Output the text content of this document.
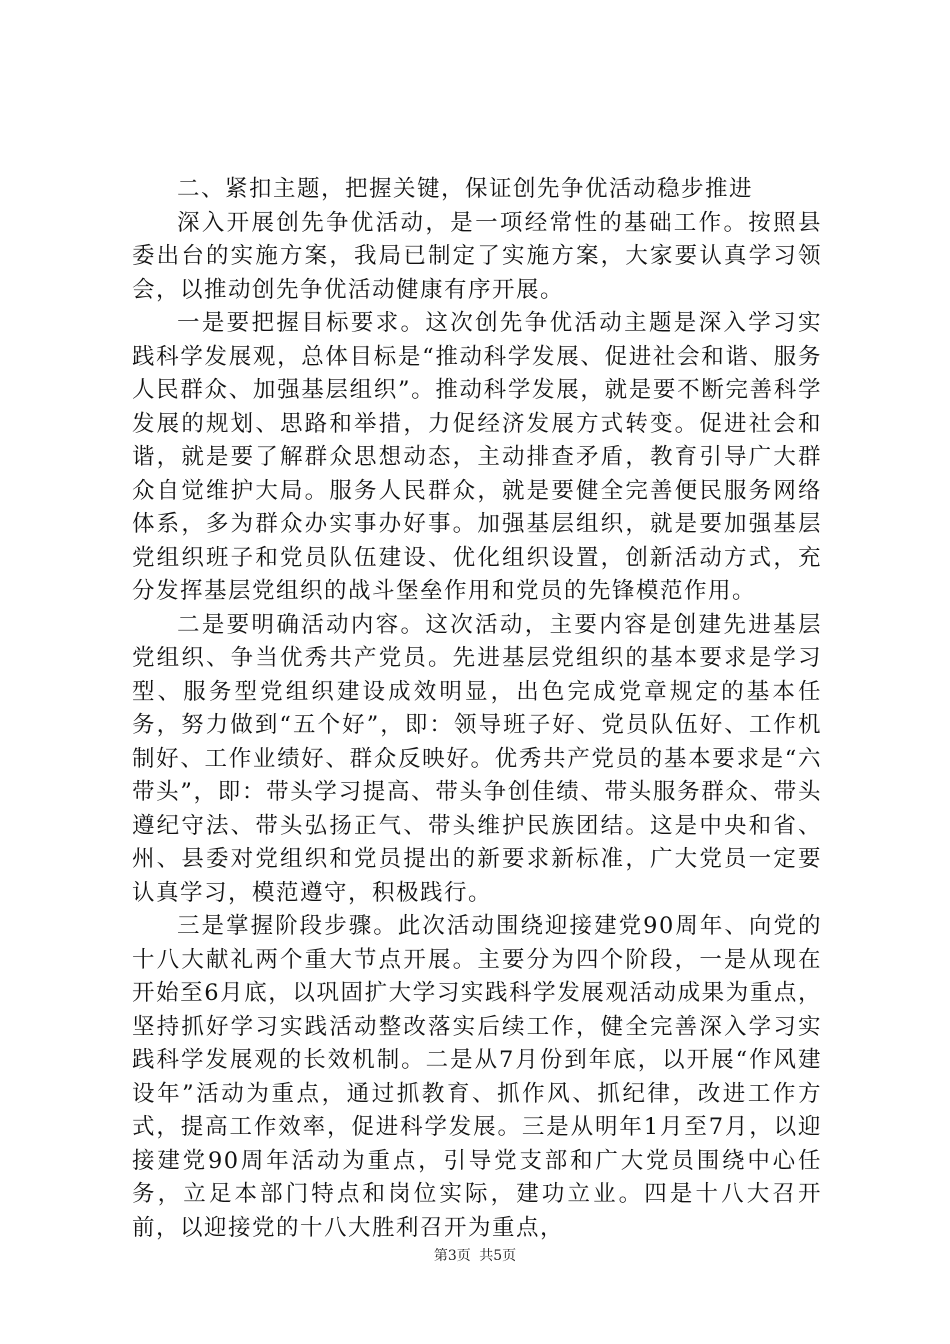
二、紧扣主题，把握关键，保证创先争优活动稳步推进

深入开展创先争优活动，是一项经常性的基础工作。按照县委出台的实施方案，我局已制定了实施方案，大家要认真学习领会，以推动创先争优活动健康有序开展。

一是要把握目标要求。这次创先争优活动主题是深入学习实践科学发展观，总体目标是“推动科学发展、促进社会和谐、服务人民群众、加强基层组织”。推动科学发展，就是要不断完善科学发展的规划、思路和举措，力促经济发展方式转变。促进社会和谐，就是要了解群众思想动态，主动排查矛盾，教育引导广大群众自觉维护大局。服务人民群众，就是要健全完善便民服务网络体系，多为群众办实事办好事。加强基层组织，就是要加强基层党组织班子和党员队伍建设、优化组织设置，创新活动方式，充分发挥基层党组织的战斗堡垒作用和党员的先锋模范作用。

二是要明确活动内容。这次活动，主要内容是创建先进基层党组织、争当优秀共产党员。先进基层党组织的基本要求是学习型、服务型党组织建设成效明显，出色完成党章规定的基本任务，努力做到“五个好”，即：领导班子好、党员队伍好、工作机制好、工作业绩好、群众反映好。优秀共产党员的基本要求是“六带头”，即：带头学习提高、带头争创佳绩、带头服务群众、带头遵纪守法、带头弘扬正气、带头维护民族团结。这是中央和省、州、县委对党组织和党员提出的新要求新标准，广大党员一定要认真学习，模范遵守，积极践行。

三是掌握阶段步骤。此次活动围绕迎接建党90周年、向党的十八大献礼两个重大节点开展。主要分为四个阶段，一是从现在开始至6月底，以巩固扩大学习实践科学发展观活动成果为重点，坚持抓好学习实践活动整改落实后续工作，健全完善深入学习实践科学发展观的长效机制。二是从7月份到年底，以开展“作风建设年”活动为重点，通过抓教育、抓作风、抓纪律，改进工作方式，提高工作效率，促进科学发展。三是从明年1月至7月，以迎接建党90周年活动为重点，引导党支部和广大党员围绕中心任务，立足本部门特点和岗位实际，建功立业。四是十八大召开前，以迎接党的十八大胜利召开为重点，

第3页 共5页
